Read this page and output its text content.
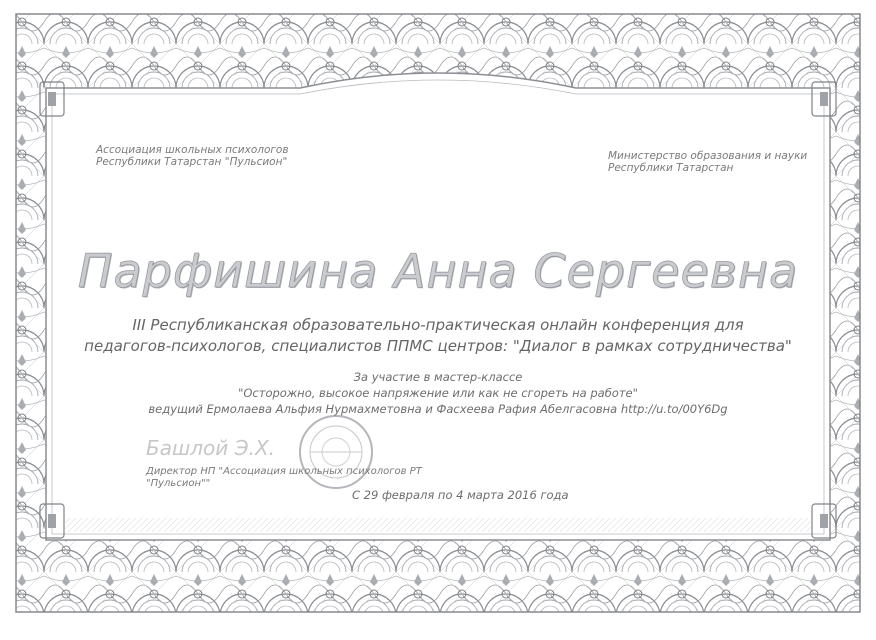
Ассоциация школьных психологов
Республики Татарстан "Пульсион"	Министерство образования и науки
Республики Татарстан
Парфишина Анна Сергеевна
III Республиканская образовательно-практическая онлайн конференция для
педагогов-психологов, специалистов ППМС центров: "Диалог в рамках сотрудничества"
За участие в мастер-классе
"Осторожно, высокое напряжение или как не сгореть на работе"
ведущий Ермолаева Альфия Нурмахметовна и Фасхеева Рафия Абелгасовна http://u.to/00Y6Dg
Башлой Э.Х.
Директор НП "Ассоциация школьных психологов РТ
"Пульсион""
С 29 февраля по 4 марта 2016 года
